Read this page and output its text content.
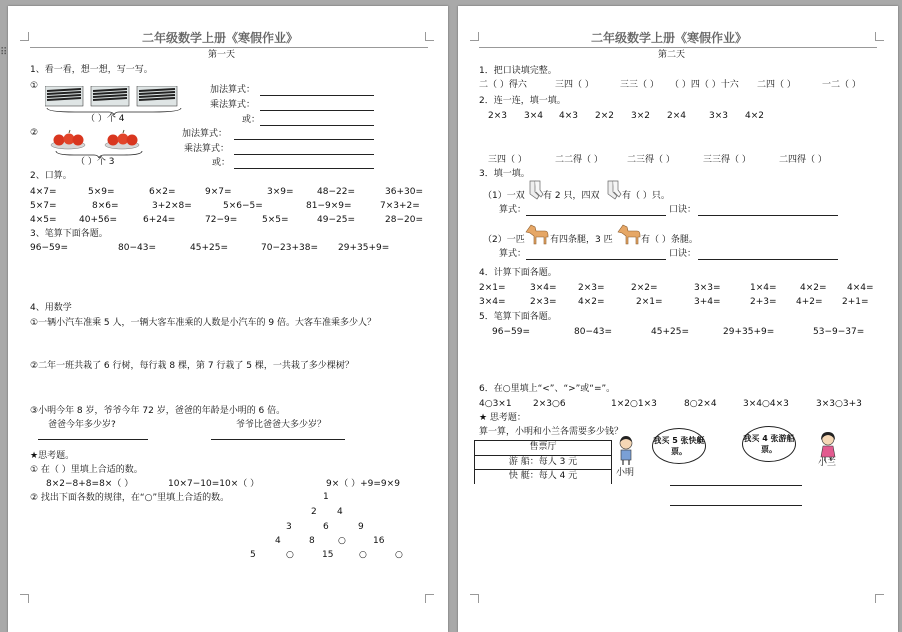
⠿
二年级数学上册《寒假作业》
第一天
1、看一看，想一想，写一写。
①
（ ）个 4
加法算式：
乘法算式：
或：
②
（ ）个 3
加法算式：
乘法算式：
或：
2、口算。
4×7=	5×9=	6×2=	9×7=	3×9=	48−22=	36+30=
5×7=	8×6=	3+2×8=	5×6−5=	81−9×9=	7×3+2=
4×5= 40+56=	6+24=	72−9=	5×5=	49−25=	28−20=
3、笔算下面各题。
96−59=	80−43=	45+25=	70−23+38= 29+35+9=
4、用数学
①一辆小汽车准乘 5 人，一辆大客车准乘的人数是小汽车的 9 倍。大客车准乘多少人？
②二年一班共栽了 6 行树，每行栽 8 棵，第 7 行栽了 5 棵，一共栽了多少棵树？
③小明今年 8 岁，爷爷今年 72 岁，爸爸的年龄是小明的 6 倍。
爸爸今年多少岁?	爷爷比爸爸大多少岁？
★思考题。
① 在（ ）里填上合适的数。
8×2−8+8=8×（ ）	10×7−10=10×（ ）	9×（ ）+9=9×9
② 找出下面各数的规律，在“○”里填上合适的数。	1
2 4
3	6	9
4	8	○	16
5	○	15	○	○
二年级数学上册《寒假作业》
第二天
1．把口诀填完整。
二（ ）得六	三四（ ）	三三（ ） （ ）四（ ）十六 二四（ ）	一二（ ）
2．连一连，填一填。
2×3 3×4 4×3 2×2 3×2 2×4	3×3 4×2
三四（ ）	二二得（ ）	二三得（ ）	三三得（ ）	二四得（ ）
3．填一填。
（1）一双 有 2 只，四双	有（ ）只。
算式：	口诀：
（2）一匹	有四条腿，3 匹	有（ ）条腿。
算式：	口诀：
4．计算下面各题。
2×1=	3×4= 2×3=	2×2=	3×3=	1×4=	4×2= 4×4=
3×4=	2×3= 4×2=	2×1=	3+4=	2+3= 4+2= 2+1=
5．笔算下面各题。
96−59=	80−43=	45+25=	29+35+9=	53−9−37=
6．在○里填上“<”、“>”或“=”。
4○3×1 2×3○6	1×2○1×3	8○2×4	3×4○4×3	3×3○3+3
★ 思考题：
算一算，小明和小兰各需要多少钱？
售票厅
游 船：每人 3 元
快 艇：每人 4 元	小明
我买 5 张快艇票。
我买 4 张游船票。
小兰
